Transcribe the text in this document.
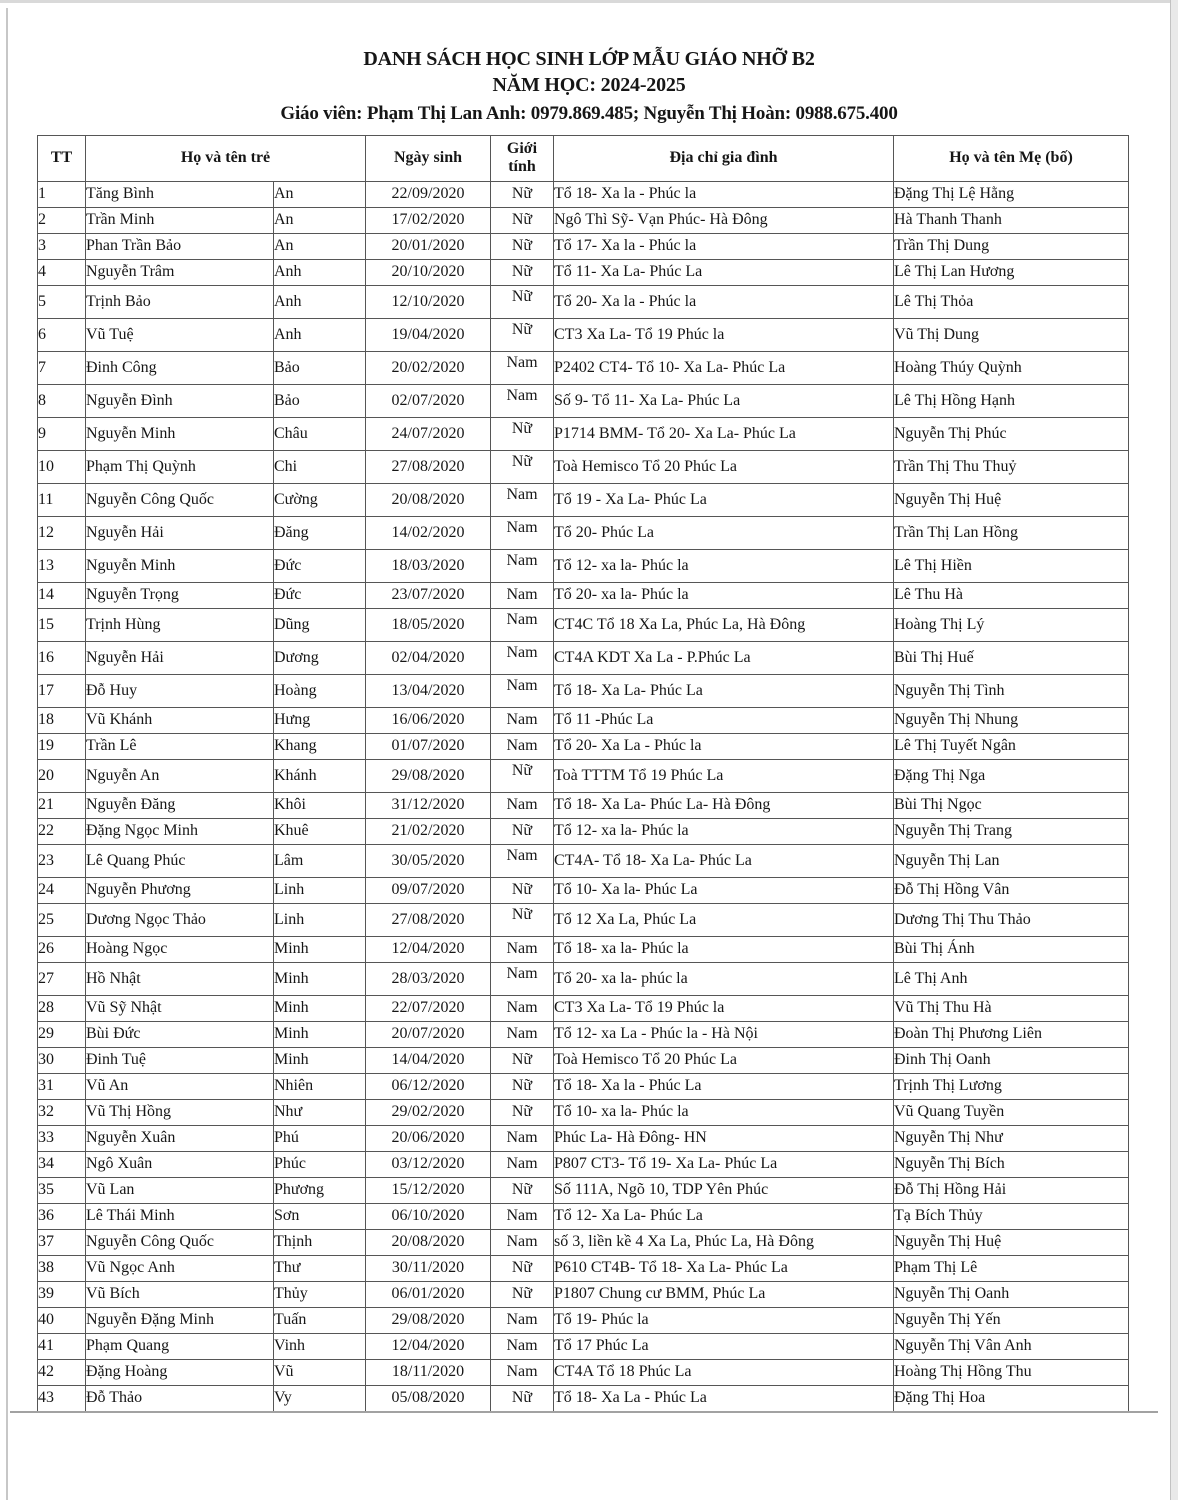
DANH SÁCH HỌC SINH LỚP MẪU GIÁO NHỠ B2
NĂM HỌC: 2024-2025
Giáo viên: Phạm Thị Lan Anh: 0979.869.485; Nguyễn Thị Hoàn: 0988.675.400
TT	Họ và tên trẻ		Ngày sinh	Giới tính	Địa chỉ gia đình	Họ và tên Mẹ (bố)
1	Tăng Bình	An	22/09/2020	Nữ	Tổ 18- Xa la - Phúc la	Đặng Thị Lệ Hằng
2	Trần Minh	An	17/02/2020	Nữ	Ngô Thì Sỹ- Vạn Phúc- Hà Đông	Hà Thanh Thanh
3	Phan Trần Bảo	An	20/01/2020	Nữ	Tổ 17- Xa la - Phúc la	Trần Thị Dung
4	Nguyễn Trâm	Anh	20/10/2020	Nữ	Tổ 11- Xa La- Phúc La	Lê Thị Lan Hương
5	Trịnh Bảo	Anh	12/10/2020	Nữ	Tổ 20- Xa la - Phúc la	Lê Thị Thỏa
6	Vũ Tuệ	Anh	19/04/2020	Nữ	CT3 Xa La- Tổ 19 Phúc la	Vũ Thị Dung
7	Đinh Công	Bảo	20/02/2020	Nam	P2402 CT4- Tổ 10- Xa La- Phúc La	Hoàng Thúy Quỳnh
8	Nguyễn Đình	Bảo	02/07/2020	Nam	Số 9- Tổ 11- Xa La- Phúc La	Lê Thị Hồng Hạnh
9	Nguyễn Minh	Châu	24/07/2020	Nữ	P1714 BMM- Tổ 20- Xa La- Phúc La	Nguyễn Thị Phúc
10	Phạm Thị Quỳnh	Chi	27/08/2020	Nữ	Toà Hemisco Tổ 20 Phúc La	Trần Thị Thu Thuỷ
11	Nguyễn Công Quốc	Cường	20/08/2020	Nam	Tổ 19 - Xa La- Phúc La	Nguyễn Thị Huệ
12	Nguyễn Hải	Đăng	14/02/2020	Nam	Tổ 20- Phúc La	Trần Thị Lan Hồng
13	Nguyễn Minh	Đức	18/03/2020	Nam	Tổ 12- xa la- Phúc la	Lê Thị Hiền
14	Nguyễn Trọng	Đức	23/07/2020	Nam	Tổ 20- xa la- Phúc la	Lê Thu Hà
15	Trịnh Hùng	Dũng	18/05/2020	Nam	CT4C Tổ 18 Xa La, Phúc La, Hà Đông	Hoàng Thị Lý
16	Nguyễn Hải	Dương	02/04/2020	Nam	CT4A KDT Xa La - P.Phúc La	Bùi Thị Huế
17	Đỗ Huy	Hoàng	13/04/2020	Nam	Tổ 18- Xa La- Phúc La	Nguyễn Thị Tình
18	Vũ Khánh	Hưng	16/06/2020	Nam	Tổ 11 -Phúc La	Nguyễn Thị Nhung
19	Trần Lê	Khang	01/07/2020	Nam	Tổ 20- Xa La - Phúc la	Lê Thị Tuyết Ngân
20	Nguyễn An	Khánh	29/08/2020	Nữ	Toà TTTM Tổ 19 Phúc La	Đặng Thị Nga
21	Nguyễn Đăng	Khôi	31/12/2020	Nam	Tổ 18- Xa La- Phúc La- Hà Đông	Bùi Thị Ngọc
22	Đặng Ngọc Minh	Khuê	21/02/2020	Nữ	Tổ 12- xa la- Phúc la	Nguyễn Thị Trang
23	Lê Quang Phúc	Lâm	30/05/2020	Nam	CT4A- Tổ 18- Xa La- Phúc La	Nguyễn Thị Lan
24	Nguyễn Phương	Linh	09/07/2020	Nữ	Tổ 10- Xa la- Phúc La	Đỗ Thị Hồng Vân
25	Dương Ngọc Thảo	Linh	27/08/2020	Nữ	Tổ 12 Xa La, Phúc La	Dương Thị Thu Thảo
26	Hoàng Ngọc	Minh	12/04/2020	Nam	Tổ 18- xa la- Phúc la	Bùi Thị Ánh
27	Hồ Nhật	Minh	28/03/2020	Nam	Tổ 20- xa la- phúc la	Lê Thị Anh
28	Vũ Sỹ Nhật	Minh	22/07/2020	Nam	CT3 Xa La- Tổ 19 Phúc la	Vũ Thị Thu Hà
29	Bùi Đức	Minh	20/07/2020	Nam	Tổ 12- xa La - Phúc la - Hà Nội	Đoàn Thị Phương Liên
30	Đinh Tuệ	Minh	14/04/2020	Nữ	Toà Hemisco Tổ 20 Phúc La	Đinh Thị Oanh
31	Vũ An	Nhiên	06/12/2020	Nữ	Tổ 18- Xa la - Phúc La	Trịnh Thị Lương
32	Vũ Thị Hồng	Như	29/02/2020	Nữ	Tổ 10- xa la- Phúc la	Vũ Quang Tuyền
33	Nguyễn Xuân	Phú	20/06/2020	Nam	Phúc La- Hà Đông- HN	Nguyễn Thị Như
34	Ngô Xuân	Phúc	03/12/2020	Nam	P807 CT3- Tổ 19- Xa La- Phúc La	Nguyễn Thị Bích
35	Vũ Lan	Phương	15/12/2020	Nữ	Số 111A, Ngõ 10, TDP Yên Phúc	Đỗ Thị Hồng Hải
36	Lê Thái Minh	Sơn	06/10/2020	Nam	Tổ 12- Xa La- Phúc La	Tạ Bích Thủy
37	Nguyễn Công Quốc	Thịnh	20/08/2020	Nam	số 3, liền kề 4 Xa La, Phúc La, Hà Đông	Nguyễn Thị Huệ
38	Vũ Ngọc Anh	Thư	30/11/2020	Nữ	P610 CT4B- Tổ 18- Xa La- Phúc La	Phạm Thị Lê
39	Vũ Bích	Thủy	06/01/2020	Nữ	P1807 Chung cư BMM, Phúc La	Nguyễn Thị Oanh
40	Nguyễn Đặng Minh	Tuấn	29/08/2020	Nam	Tổ 19- Phúc la	Nguyễn Thị Yến
41	Phạm Quang	Vinh	12/04/2020	Nam	Tổ 17 Phúc La	Nguyễn Thị Vân Anh
42	Đặng Hoàng	Vũ	18/11/2020	Nam	CT4A Tổ 18 Phúc La	Hoàng Thị Hồng Thu
43	Đỗ Thảo	Vy	05/08/2020	Nữ	Tổ 18- Xa La - Phúc La	Đặng Thị Hoa
